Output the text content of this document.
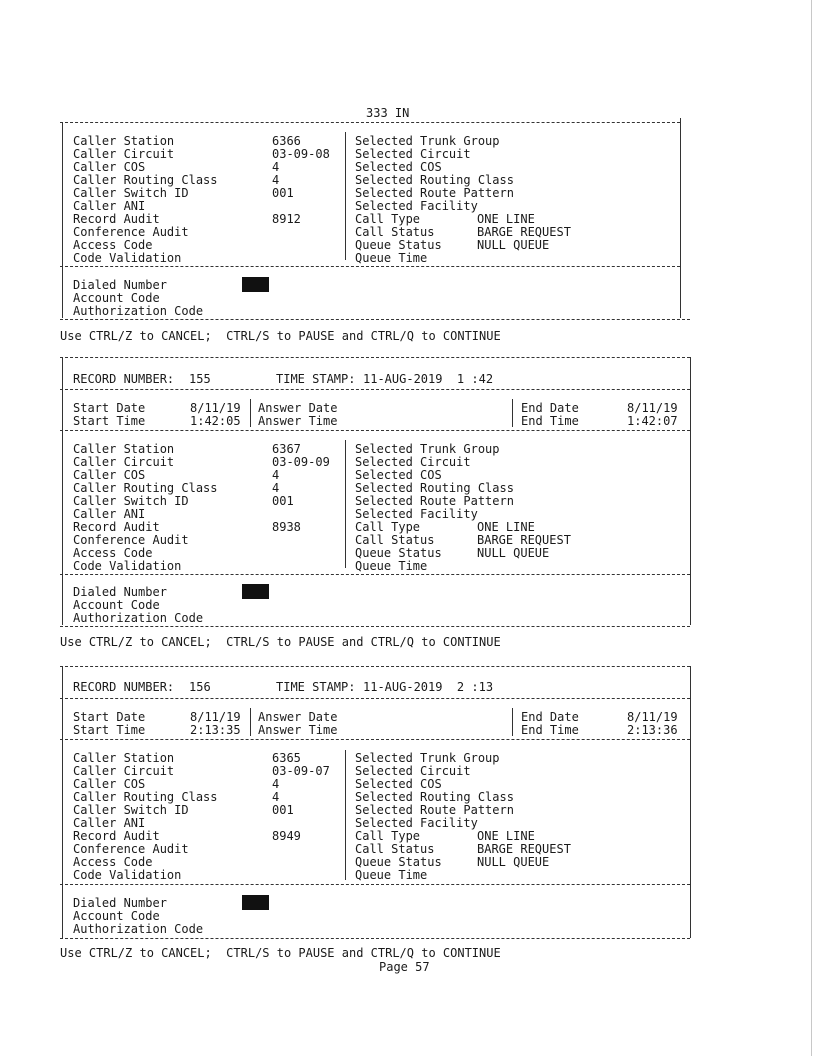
333 IN
Caller Station
Caller Circuit
Caller COS
Caller Routing Class
Caller Switch ID
Caller ANI
Record Audit
Conference Audit
Access Code
Code Validation
6366
03-09-08
4
4
001
8912
Selected Trunk Group
Selected Circuit
Selected COS
Selected Routing Class
Selected Route Pattern
Selected Facility
Call Type
Call Status
Queue Status
Queue Time
ONE LINE
BARGE REQUEST
NULL QUEUE
Dialed Number
Account Code
Authorization Code
Use CTRL/Z to CANCEL;  CTRL/S to PAUSE and CTRL/Q to CONTINUE
RECORD NUMBER: 155	TIME STAMP: 11-AUG-2019  1 :42
Start Date
Start Time
8/11/19
1:42:05
Answer Date
Answer Time
End Date
End Time
8/11/19
1:42:07
Caller Station
Caller Circuit
Caller COS
Caller Routing Class
Caller Switch ID
Caller ANI
Record Audit
Conference Audit
Access Code
Code Validation
6367
03-09-09
4
4
001
8938
Selected Trunk Group
Selected Circuit
Selected COS
Selected Routing Class
Selected Route Pattern
Selected Facility
Call Type
Call Status
Queue Status
Queue Time
ONE LINE
BARGE REQUEST
NULL QUEUE
Dialed Number
Account Code
Authorization Code
Use CTRL/Z to CANCEL;  CTRL/S to PAUSE and CTRL/Q to CONTINUE
RECORD NUMBER: 156	TIME STAMP: 11-AUG-2019  2 :13
Start Date
Start Time
8/11/19
2:13:35
Answer Date
Answer Time
End Date
End Time
8/11/19
2:13:36
Caller Station
Caller Circuit
Caller COS
Caller Routing Class
Caller Switch ID
Caller ANI
Record Audit
Conference Audit
Access Code
Code Validation
6365
03-09-07
4
4
001
8949
Selected Trunk Group
Selected Circuit
Selected COS
Selected Routing Class
Selected Route Pattern
Selected Facility
Call Type
Call Status
Queue Status
Queue Time
ONE LINE
BARGE REQUEST
NULL QUEUE
Dialed Number
Account Code
Authorization Code
Use CTRL/Z to CANCEL;  CTRL/S to PAUSE and CTRL/Q to CONTINUE
Page 57
